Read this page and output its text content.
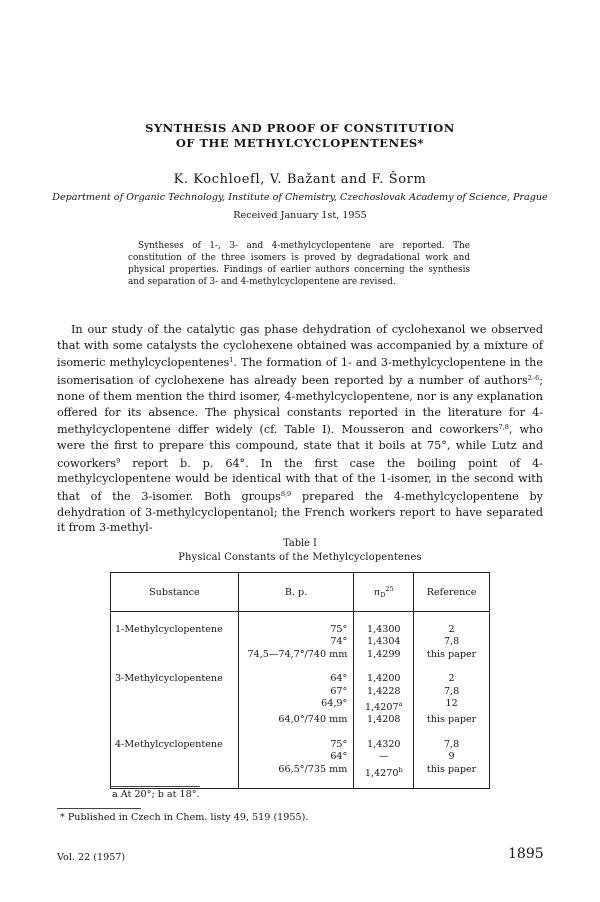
SYNTHESIS AND PROOF OF CONSTITUTION
OF THE METHYLCYCLOPENTENES*
K. Kochloefl, V. Bažant and F. Šorm
Department of Organic Technology, Institute of Chemistry, Czechoslovak Academy of Science, Prague
Received January 1st, 1955
Syntheses of 1-, 3- and 4-methylcyclopentene are reported. The constitution of the three isomers is proved by degradational work and physical properties. Findings of earlier authors concerning the synthesis and separation of 3- and 4-methylcyclopentene are revised.
In our study of the catalytic gas phase dehydration of cyclohexanol we observed that with some catalysts the cyclohexene obtained was accompanied by a mixture of isomeric methylcyclopentenes$^1$. The formation of 1- and 3-methylcyclopentene in the isomerisation of cyclohexene has already been reported by a number of authors$^{2-6}$; none of them mention the third isomer, 4-methylcyclopentene, nor is any explanation offered for its absence. The physical constants reported in the literature for 4-methylcyclopentene differ widely (cf. Table I). Mousseron and coworkers$^{7,8}$, who were the first to prepare this compound, state that it boils at 75°, while Lutz and coworkers$^9$ report b. p. 64°. In the first case the boiling point of 4-methylcyclopentene would be identical with that of the 1-isomer, in the second with that of the 3-isomer. Both groups$^{8,9}$ prepared the 4-methylcyclopentene by dehydration of 3-methylcyclopentanol; the French workers report to have separated it from 3-methyl-
Table I
Physical Constants of the Methylcyclopentenes
Substance	B. p.	$n_D^{25}$	Reference
1-Methylcyclopentene	75°	1,4300	2
	74°	1,4304	7,8
	74,5—74,7°/740 mm	1,4299	this paper
3-Methylcyclopentene	64°	1,4200	2
	67°	1,4228	7,8
	64,9°	1,4207$^a$	12
	64,0°/740 mm	1,4208	this paper
4-Methylcyclopentene	75°	1,4320	7,8
	64°	—	9
	66,5°/735 mm	1,4270$^b$	this paper
a At 20°; b at 18°.
* Published in Czech in Chem. listy 49, 519 (1955).
Vol. 22 (1957)	1895
